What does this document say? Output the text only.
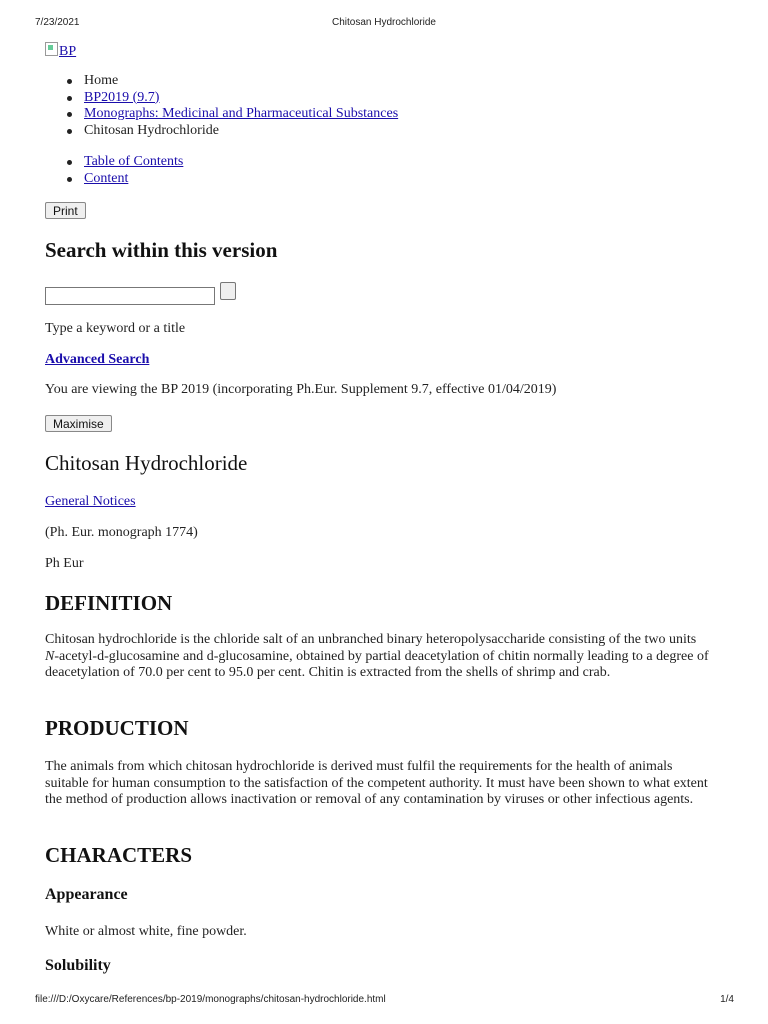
7/23/2021	Chitosan Hydrochloride
BP
Home
BP2019 (9.7)
Monographs: Medicinal and Pharmaceutical Substances
Chitosan Hydrochloride
Table of Contents
Content
Print
Search within this version

Type a keyword or a title

Advanced Search

You are viewing the BP 2019 (incorporating Ph.Eur. Supplement 9.7, effective 01/04/2019)

Maximise
Chitosan Hydrochloride

General Notices

(Ph. Eur. monograph 1774)

Ph Eur

DEFINITION

Chitosan hydrochloride is the chloride salt of an unbranched binary heteropolysaccharide consisting of the two units N-acetyl-d-glucosamine and d-glucosamine, obtained by partial deacetylation of chitin normally leading to a degree of deacetylation of 70.0 per cent to 95.0 per cent. Chitin is extracted from the shells of shrimp and crab.

PRODUCTION

The animals from which chitosan hydrochloride is derived must fulfil the requirements for the health of animals suitable for human consumption to the satisfaction of the competent authority. It must have been shown to what extent the method of production allows inactivation or removal of any contamination by viruses or other infectious agents.

CHARACTERS
Appearance

White or almost white, fine powder.

Solubility
file:///D:/Oxycare/References/bp-2019/monographs/chitosan-hydrochloride.html	1/4
